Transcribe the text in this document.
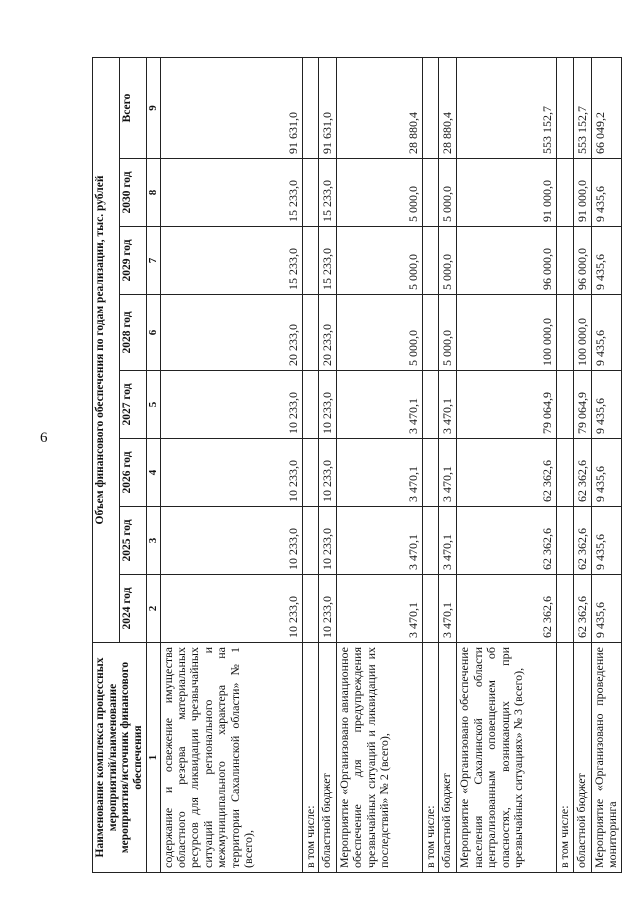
6
Наименование комплекса процессных мероприятий/наименование мероприятия/источник финансового обеспечения	Объем финансового обеспечения по годам реализации, тыс. рублей							
	2024 год	2025 год	2026 год	2027 год	2028 год	2029 год	2030 год	Всего
1	2	3	4	5	6	7	8	9
содержание и освежение имущества областного резерва материальных ресурсов для ликвидации чрезвычайных ситуаций регионального и межмуниципального характера на территории Сахалинской области» № 1 (всего),	10 233,0	10 233,0	10 233,0	10 233,0	20 233,0	15 233,0	15 233,0	91 631,0
в том числе:								
областной бюджет	10 233,0	10 233,0	10 233,0	10 233,0	20 233,0	15 233,0	15 233,0	91 631,0
Мероприятие «Организовано авиационное обеспечение для предупреждения чрезвычайных ситуаций и ликвидации их последствий» № 2 (всего),	3 470,1	3 470,1	3 470,1	3 470,1	5 000,0	5 000,0	5 000,0	28 880,4
в том числе:								
областной бюджет	3 470,1	3 470,1	3 470,1	3 470,1	5 000,0	5 000,0	5 000,0	28 880,4
Мероприятие «Организовано обеспечение населения Сахалинской области централизованным оповещением об опасностях, возникающих при чрезвычайных ситуациях» № 3 (всего),	62 362,6	62 362,6	62 362,6	79 064,9	100 000,0	96 000,0	91 000,0	553 152,7
в том числе:								
областной бюджет	62 362,6	62 362,6	62 362,6	79 064,9	100 000,0	96 000,0	91 000,0	553 152,7
Мероприятие «Организовано проведение мониторинга	9 435,6	9 435,6	9 435,6	9 435,6	9 435,6	9 435,6	9 435,6	66 049,2
